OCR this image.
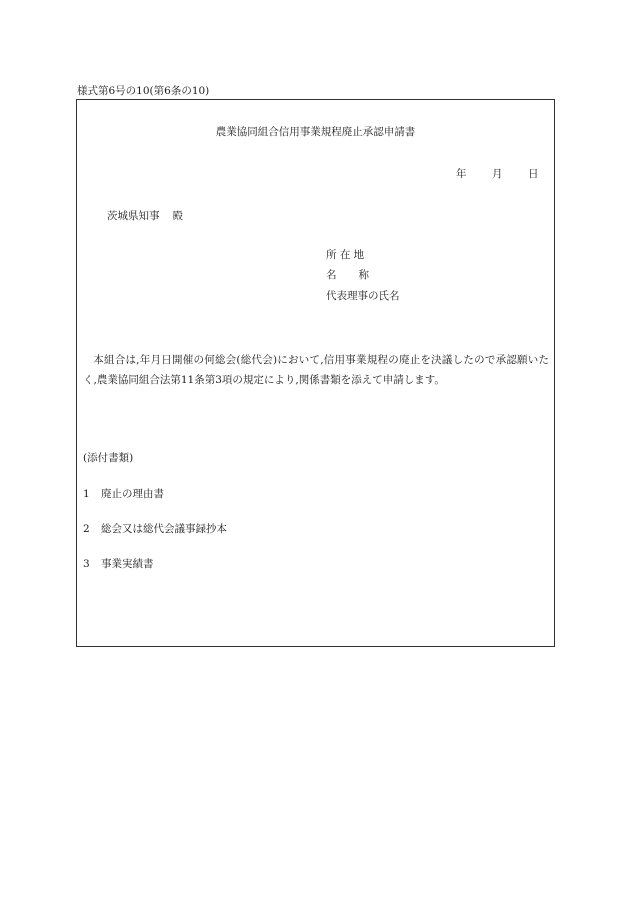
様式第6号の10(第6条の10)
農業協同組合信用事業規程廃止承認申請書
年 月 日
茨城県知事 殿
所 在 地
名 称
代表理事の氏名
本組合は,年月日開催の何総会(総代会)において,信用事業規程の廃止を決議したので承認願いたく,農業協同組合法第11条第3項の規定により,関係書類を添えて申請します。
(添付書類)
1 廃止の理由書
2 総会又は総代会議事録抄本
3 事業実績書
